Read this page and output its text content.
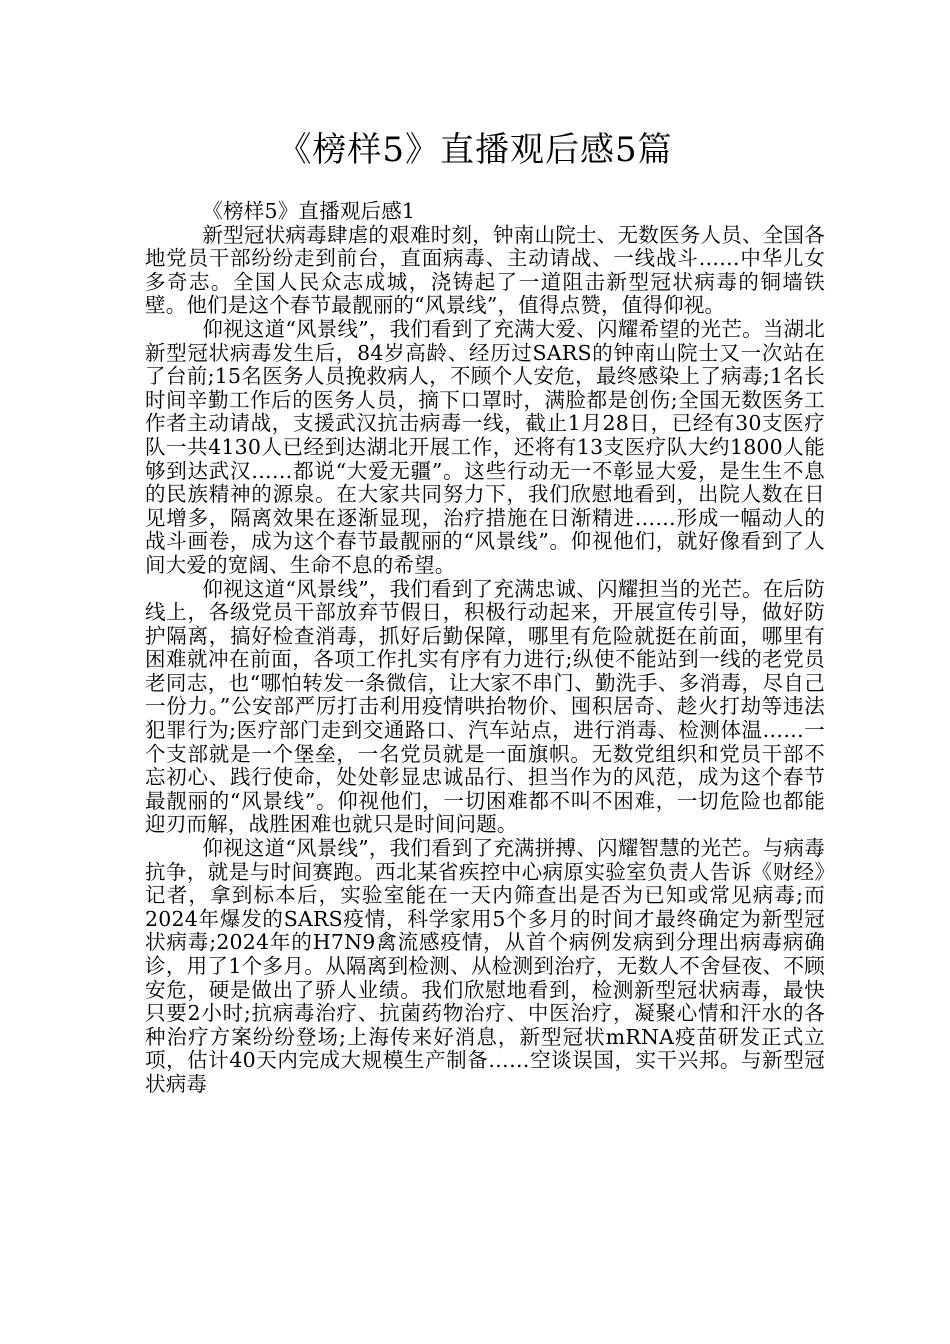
《榜样5》直播观后感5篇

《榜样5》直播观后感1

新型冠状病毒肆虐的艰难时刻，钟南山院士、无数医务人员、全国各地党员干部纷纷走到前台，直面病毒、主动请战、一线战斗……中华儿女多奇志。全国人民众志成城，浇铸起了一道阻击新型冠状病毒的铜墙铁壁。他们是这个春节最靓丽的“风景线”，值得点赞，值得仰视。

仰视这道“风景线”，我们看到了充满大爱、闪耀希望的光芒。当湖北新型冠状病毒发生后，84岁高龄、经历过SARS的钟南山院士又一次站在了台前;15名医务人员挽救病人，不顾个人安危，最终感染上了病毒;1名长时间辛勤工作后的医务人员，摘下口罩时，满脸都是创伤;全国无数医务工作者主动请战，支援武汉抗击病毒一线，截止1月28日，已经有30支医疗队一共4130人已经到达湖北开展工作，还将有13支医疗队大约1800人能够到达武汉……都说“大爱无疆”。这些行动无一不彰显大爱，是生生不息的民族精神的源泉。在大家共同努力下，我们欣慰地看到，出院人数在日见增多，隔离效果在逐渐显现，治疗措施在日渐精进……形成一幅动人的战斗画卷，成为这个春节最靓丽的“风景线”。仰视他们，就好像看到了人间大爱的宽阔、生命不息的希望。

仰视这道“风景线”，我们看到了充满忠诚、闪耀担当的光芒。在后防线上，各级党员干部放弃节假日，积极行动起来，开展宣传引导，做好防护隔离，搞好检查消毒，抓好后勤保障，哪里有危险就挺在前面，哪里有困难就冲在前面，各项工作扎实有序有力进行;纵使不能站到一线的老党员老同志，也“哪怕转发一条微信，让大家不串门、勤洗手、多消毒，尽自己一份力。”公安部严厉打击利用疫情哄抬物价、囤积居奇、趁火打劫等违法犯罪行为;医疗部门走到交通路口、汽车站点，进行消毒、检测体温……一个支部就是一个堡垒，一名党员就是一面旗帜。无数党组织和党员干部不忘初心、践行使命，处处彰显忠诚品行、担当作为的风范，成为这个春节最靓丽的“风景线”。仰视他们，一切困难都不叫不困难，一切危险也都能迎刃而解，战胜困难也就只是时间问题。

仰视这道“风景线”，我们看到了充满拼搏、闪耀智慧的光芒。与病毒抗争，就是与时间赛跑。西北某省疾控中心病原实验室负责人告诉《财经》记者，拿到标本后，实验室能在一天内筛查出是否为已知或常见病毒;而2024年爆发的SARS疫情，科学家用5个多月的时间才最终确定为新型冠状病毒;2024年的H7N9禽流感疫情，从首个病例发病到分理出病毒病确诊，用了1个多月。从隔离到检测、从检测到治疗，无数人不舍昼夜、不顾安危，硬是做出了骄人业绩。我们欣慰地看到，检测新型冠状病毒，最快只要2小时;抗病毒治疗、抗菌药物治疗、中医治疗，凝聚心情和汗水的各种治疗方案纷纷登场;上海传来好消息，新型冠状mRNA疫苗研发正式立项，估计40天内完成大规模生产制备……空谈误国，实干兴邦。与新型冠状病毒
